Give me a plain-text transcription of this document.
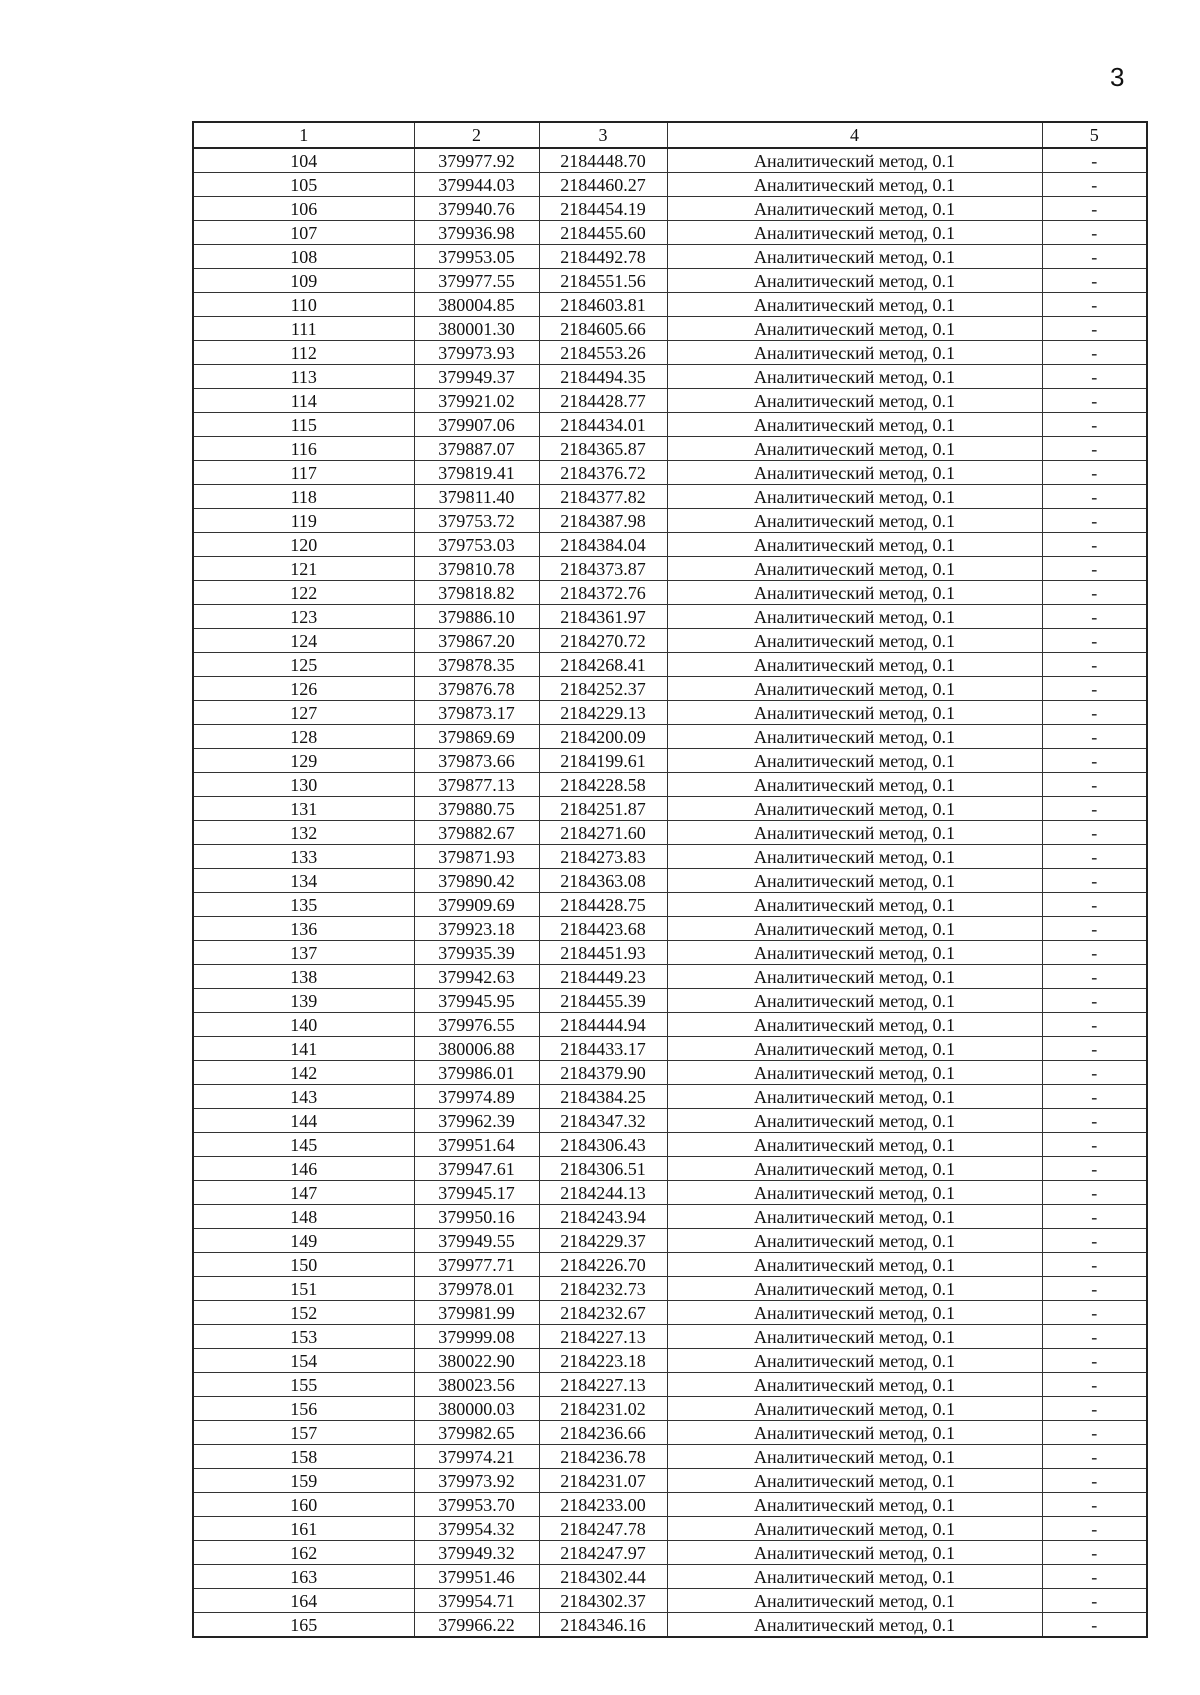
3
1	2	3	4	5
104	379977.92	2184448.70	Аналитический метод, 0.1	-
105	379944.03	2184460.27	Аналитический метод, 0.1	-
106	379940.76	2184454.19	Аналитический метод, 0.1	-
107	379936.98	2184455.60	Аналитический метод, 0.1	-
108	379953.05	2184492.78	Аналитический метод, 0.1	-
109	379977.55	2184551.56	Аналитический метод, 0.1	-
110	380004.85	2184603.81	Аналитический метод, 0.1	-
111	380001.30	2184605.66	Аналитический метод, 0.1	-
112	379973.93	2184553.26	Аналитический метод, 0.1	-
113	379949.37	2184494.35	Аналитический метод, 0.1	-
114	379921.02	2184428.77	Аналитический метод, 0.1	-
115	379907.06	2184434.01	Аналитический метод, 0.1	-
116	379887.07	2184365.87	Аналитический метод, 0.1	-
117	379819.41	2184376.72	Аналитический метод, 0.1	-
118	379811.40	2184377.82	Аналитический метод, 0.1	-
119	379753.72	2184387.98	Аналитический метод, 0.1	-
120	379753.03	2184384.04	Аналитический метод, 0.1	-
121	379810.78	2184373.87	Аналитический метод, 0.1	-
122	379818.82	2184372.76	Аналитический метод, 0.1	-
123	379886.10	2184361.97	Аналитический метод, 0.1	-
124	379867.20	2184270.72	Аналитический метод, 0.1	-
125	379878.35	2184268.41	Аналитический метод, 0.1	-
126	379876.78	2184252.37	Аналитический метод, 0.1	-
127	379873.17	2184229.13	Аналитический метод, 0.1	-
128	379869.69	2184200.09	Аналитический метод, 0.1	-
129	379873.66	2184199.61	Аналитический метод, 0.1	-
130	379877.13	2184228.58	Аналитический метод, 0.1	-
131	379880.75	2184251.87	Аналитический метод, 0.1	-
132	379882.67	2184271.60	Аналитический метод, 0.1	-
133	379871.93	2184273.83	Аналитический метод, 0.1	-
134	379890.42	2184363.08	Аналитический метод, 0.1	-
135	379909.69	2184428.75	Аналитический метод, 0.1	-
136	379923.18	2184423.68	Аналитический метод, 0.1	-
137	379935.39	2184451.93	Аналитический метод, 0.1	-
138	379942.63	2184449.23	Аналитический метод, 0.1	-
139	379945.95	2184455.39	Аналитический метод, 0.1	-
140	379976.55	2184444.94	Аналитический метод, 0.1	-
141	380006.88	2184433.17	Аналитический метод, 0.1	-
142	379986.01	2184379.90	Аналитический метод, 0.1	-
143	379974.89	2184384.25	Аналитический метод, 0.1	-
144	379962.39	2184347.32	Аналитический метод, 0.1	-
145	379951.64	2184306.43	Аналитический метод, 0.1	-
146	379947.61	2184306.51	Аналитический метод, 0.1	-
147	379945.17	2184244.13	Аналитический метод, 0.1	-
148	379950.16	2184243.94	Аналитический метод, 0.1	-
149	379949.55	2184229.37	Аналитический метод, 0.1	-
150	379977.71	2184226.70	Аналитический метод, 0.1	-
151	379978.01	2184232.73	Аналитический метод, 0.1	-
152	379981.99	2184232.67	Аналитический метод, 0.1	-
153	379999.08	2184227.13	Аналитический метод, 0.1	-
154	380022.90	2184223.18	Аналитический метод, 0.1	-
155	380023.56	2184227.13	Аналитический метод, 0.1	-
156	380000.03	2184231.02	Аналитический метод, 0.1	-
157	379982.65	2184236.66	Аналитический метод, 0.1	-
158	379974.21	2184236.78	Аналитический метод, 0.1	-
159	379973.92	2184231.07	Аналитический метод, 0.1	-
160	379953.70	2184233.00	Аналитический метод, 0.1	-
161	379954.32	2184247.78	Аналитический метод, 0.1	-
162	379949.32	2184247.97	Аналитический метод, 0.1	-
163	379951.46	2184302.44	Аналитический метод, 0.1	-
164	379954.71	2184302.37	Аналитический метод, 0.1	-
165	379966.22	2184346.16	Аналитический метод, 0.1	-
